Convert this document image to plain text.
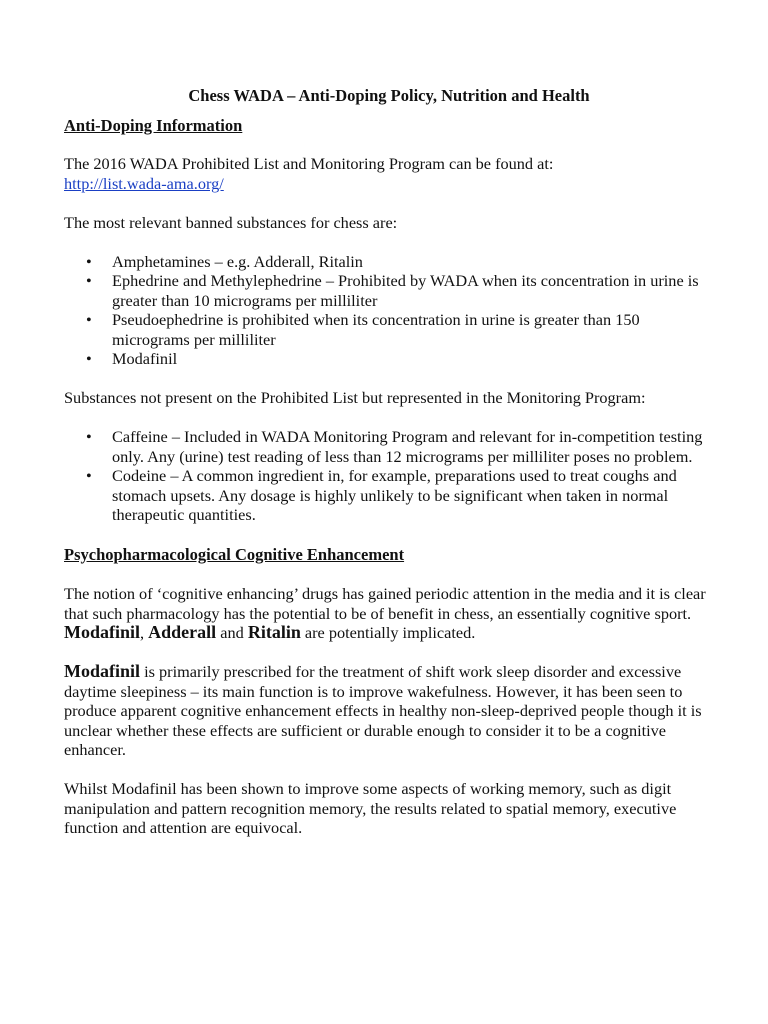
Chess WADA – Anti-Doping Policy, Nutrition and Health
Anti-Doping Information

The 2016 WADA Prohibited List and Monitoring Program can be found at:
http://list.wada-ama.org/

The most relevant banned substances for chess are:

• Amphetamines – e.g. Adderall, Ritalin
• Ephedrine and Methylephedrine – Prohibited by WADA when its concentration in urine is greater than 10 micrograms per milliliter
• Pseudoephedrine is prohibited when its concentration in urine is greater than 150 micrograms per milliliter
• Modafinil

Substances not present on the Prohibited List but represented in the Monitoring Program:

• Caffeine – Included in WADA Monitoring Program and relevant for in-competition testing only. Any (urine) test reading of less than 12 micrograms per milliliter poses no problem.
• Codeine – A common ingredient in, for example, preparations used to treat coughs and stomach upsets. Any dosage is highly unlikely to be significant when taken in normal therapeutic quantities.
Psychopharmacological Cognitive Enhancement

The notion of ‘cognitive enhancing’ drugs has gained periodic attention in the media and it is clear that such pharmacology has the potential to be of benefit in chess, an essentially cognitive sport. Modafinil, Adderall and Ritalin are potentially implicated.

Modafinil is primarily prescribed for the treatment of shift work sleep disorder and excessive daytime sleepiness – its main function is to improve wakefulness. However, it has been seen to produce apparent cognitive enhancement effects in healthy non-sleep-deprived people though it is unclear whether these effects are sufficient or durable enough to consider it to be a cognitive enhancer.

Whilst Modafinil has been shown to improve some aspects of working memory, such as digit manipulation and pattern recognition memory, the results related to spatial memory, executive function and attention are equivocal.
